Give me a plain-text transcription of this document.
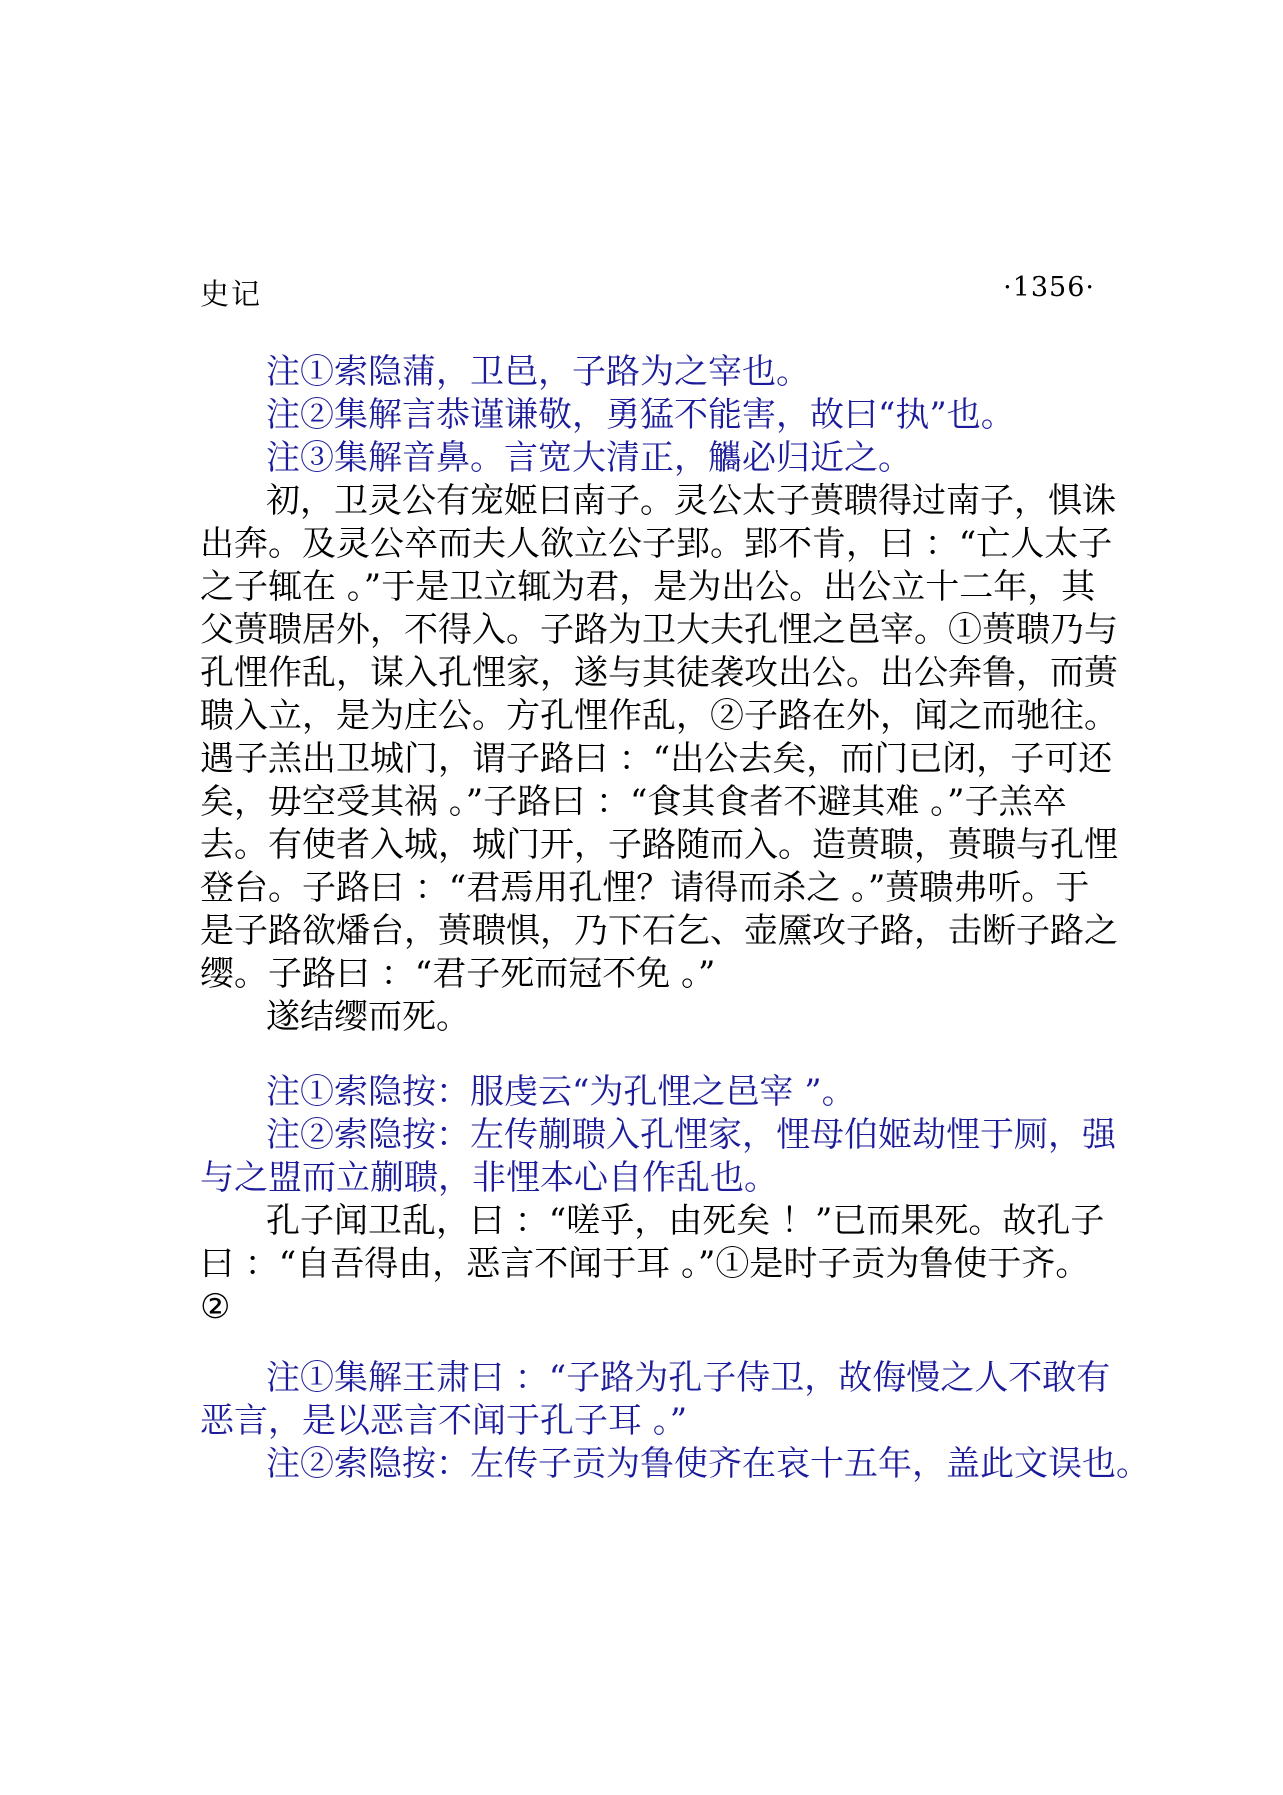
史记	·1356·
注①索隐蒲，卫邑，子路为之宰也。
注②集解言恭谨谦敬，勇猛不能害，故曰“执”也。
注③集解音鼻。言宽大清正，觿必归近之。
初，卫灵公有宠姬曰南子。灵公太子蒉聩得过南子，惧诛
出奔。及灵公卒而夫人欲立公子郢。郢不肯，曰 ：“亡人太子
之子辄在 。”于是卫立辄为君，是为出公。出公立十二年，其
父蒉聩居外，不得入。子路为卫大夫孔悝之邑宰。①蒉聩乃与
孔悝作乱，谋入孔悝家，遂与其徒袭攻出公。出公奔鲁，而蒉
聩入立，是为庄公。方孔悝作乱，②子路在外，闻之而驰往。
遇子羔出卫城门，谓子路曰 ：“出公去矣，而门已闭，子可还
矣，毋空受其祸 。”子路曰 ：“食其食者不避其难 。”子羔卒
去。有使者入城，城门开，子路随而入。造蒉聩，蒉聩与孔悝
登台。子路曰 ：“君焉用孔悝？请得而杀之 。”蒉聩弗听。于
是子路欲燔台，蒉聩惧，乃下石乞、壶黡攻子路，击断子路之
缨。子路曰 ：“君子死而冠不免 。”
遂结缨而死。
注①索隐按：服虔云“为孔悝之邑宰 ”。
注②索隐按：左传蒯聩入孔悝家，悝母伯姬劫悝于厕，强
与之盟而立蒯聩，非悝本心自作乱也。
孔子闻卫乱，曰 ：“嗟乎，由死矣 ！”已而果死。故孔子
曰 ：“自吾得由，恶言不闻于耳 。”①是时子贡为鲁使于齐。
②
注①集解王肃曰 ：“子路为孔子侍卫，故侮慢之人不敢有
恶言，是以恶言不闻于孔子耳 。”
注②索隐按：左传子贡为鲁使齐在哀十五年，盖此文误也。
